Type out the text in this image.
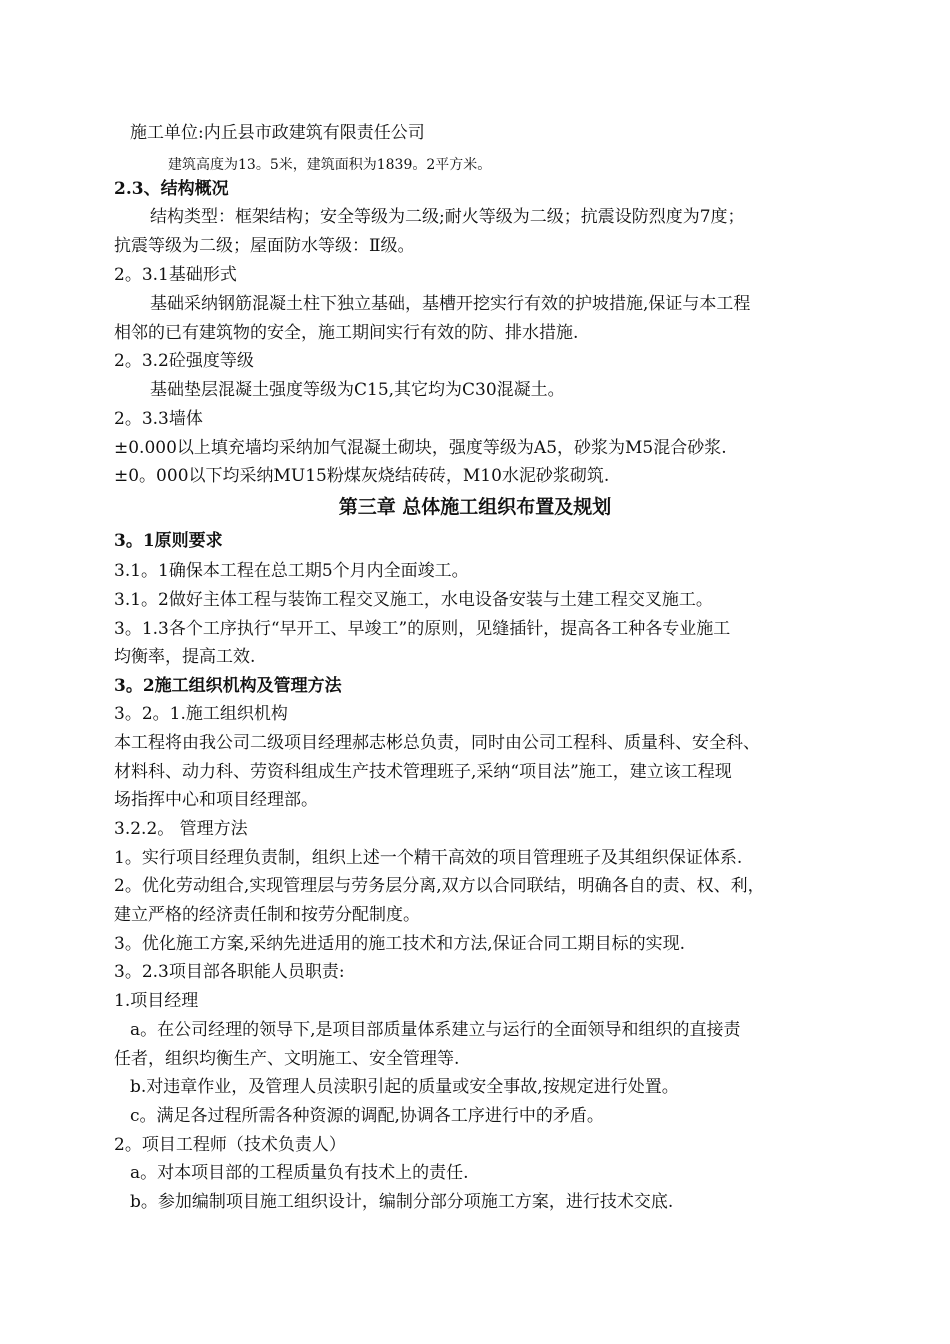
施工单位:内丘县市政建筑有限责任公司
建筑高度为13。5米，建筑面积为1839。2平方米。
2.3、结构概况
结构类型：框架结构；安全等级为二级;耐火等级为二级；抗震设防烈度为7度；
抗震等级为二级；屋面防水等级：Ⅱ级。
2。3.1基础形式
基础采纳钢筋混凝土柱下独立基础，基槽开挖实行有效的护坡措施,保证与本工程
相邻的已有建筑物的安全，施工期间实行有效的防、排水措施.
2。3.2砼强度等级
基础垫层混凝土强度等级为C15,其它均为C30混凝土。
2。3.3墙体
±0.000以上填充墙均采纳加气混凝土砌块，强度等级为A5，砂浆为M5混合砂浆.
±0。000以下均采纳MU15粉煤灰烧结砖砖，M10水泥砂浆砌筑.
第三章 总体施工组织布置及规划
3。1原则要求
3.1。1确保本工程在总工期5个月内全面竣工。
3.1。2做好主体工程与装饰工程交叉施工，水电设备安装与土建工程交叉施工。
3。1.3各个工序执行“早开工、早竣工”的原则，见缝插针，提高各工种各专业施工
均衡率，提高工效.
3。2施工组织机构及管理方法
3。2。1.施工组织机构
本工程将由我公司二级项目经理郝志彬总负责，同时由公司工程科、质量科、安全科、
材料科、动力科、劳资科组成生产技术管理班子,采纳“项目法”施工，建立该工程现
场指挥中心和项目经理部。
3.2.2。 管理方法
1。实行项目经理负责制，组织上述一个精干高效的项目管理班子及其组织保证体系.
2。优化劳动组合,实现管理层与劳务层分离,双方以合同联结，明确各自的责、权、利，
建立严格的经济责任制和按劳分配制度。
3。优化施工方案,采纳先进适用的施工技术和方法,保证合同工期目标的实现.
3。2.3项目部各职能人员职责:
1.项目经理
a。在公司经理的领导下,是项目部质量体系建立与运行的全面领导和组织的直接责
任者，组织均衡生产、文明施工、安全管理等.
b.对违章作业，及管理人员渎职引起的质量或安全事故,按规定进行处置。
c。满足各过程所需各种资源的调配,协调各工序进行中的矛盾。
2。项目工程师（技术负责人）
a。对本项目部的工程质量负有技术上的责任.
b。参加编制项目施工组织设计，编制分部分项施工方案，进行技术交底.
